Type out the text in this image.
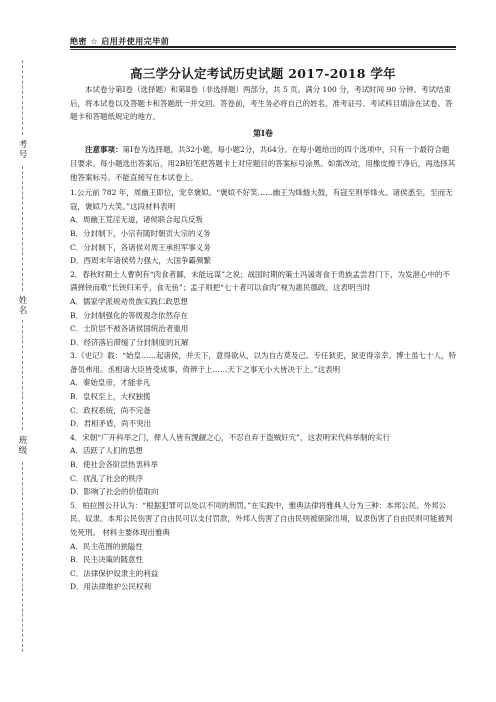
考号
姓名
班级
绝密 ☆ 启用并使用完毕前
高三学分认定考试历史试题 2017-2018 学年

本试卷分第Ⅰ卷（选择题）和第Ⅱ卷（非选择题）两部分，共 5 页。满分 100 分，考试时间 90 分钟。考试结束后，将本试卷以及答题卡和答题纸一并交回。答卷前，考生务必将自己的姓名、准考证号、考试科目填涂在试卷、答题卡和答题纸规定的地方。

第Ⅰ卷

注意事项：第Ⅰ卷为选择题，共32小题，每小题2分，共64分。在每小题给出的四个选项中，只有一个最符合题目要求。每小题选出答案后，用2B铅笔把答题卡上对应题目的答案标号涂黑。如需改动，用橡皮擦干净后，再选择其他答案标号。不能直接写在本试卷上。

1.公元前 782 年，周幽王即位，宠幸褒姒。“褒姒不好笑……幽王为烽燧大鼓，有寇至则举烽火。诸侯悉至，至而无寇，褒姒乃大笑。”这段材料表明

A．周幽王荒淫无道，诸侯联合起兵反叛

B．分封制下，小宗有随时朝贡大宗的义务

C．分封制下，各诸侯对周王承担军事义务

D．西周末年诸侯势力强大，大国争霸频繁

2．春秋时期士人曹刿有“肉食者鄙，未能远谋”之说；战国时期的策士冯谖寄食于贵族孟尝君门下，为发泄心中的不满弹铗而歌“长铗归来乎，食无鱼”；孟子则把“七十者可以食肉”视为惠民德政。这表明当时

A．儒家学派规劝贵族实践仁政思想

B．分封制强化的等级观念依然存在

C．士阶层不被各诸侯国统治者重用

D．经济落后滞缓了分封制度的瓦解

3.《史记》载：“始皇……起诸侯，并天下，意得欲从，以为自古莫及己。专任狱吏，狱吏得亲幸。博士虽七十人，特备员弗用。丞相诸大臣皆受成事，倚辨于上……天下之事无小大皆决于上。”这表明

A．秦始皇帝，才能非凡

B．皇权至上，大权独揽

C．政权系统，尚不完备

D．君相矛盾，尚不突出

4．宋朝“广开科举之门，俾人人皆有觊觎之心，不忍自弃于盗贼奸宄”，这表明宋代科举制的实行

A．活跃了人们的思想

B．使社会各阶层热衷科举

C．扰乱了社会的秩序

D．影响了社会的价值取向

5．柏拉图公开认为：“根据犯罪可以处以不同的刑罚。”在实践中，雅典法律将雅典人分为三种：本邦公民、外邦公民、奴隶。本邦公民伤害了自由民可以支付罚款，外邦人伤害了自由民则被驱除出境，奴隶伤害了自由民则可能被判处死刑。 材料主要体现出雅典

A．民主范围的狭隘性

B．民主决策的随意性

C．法律保护奴隶主的利益

D．用法律维护公民权利
